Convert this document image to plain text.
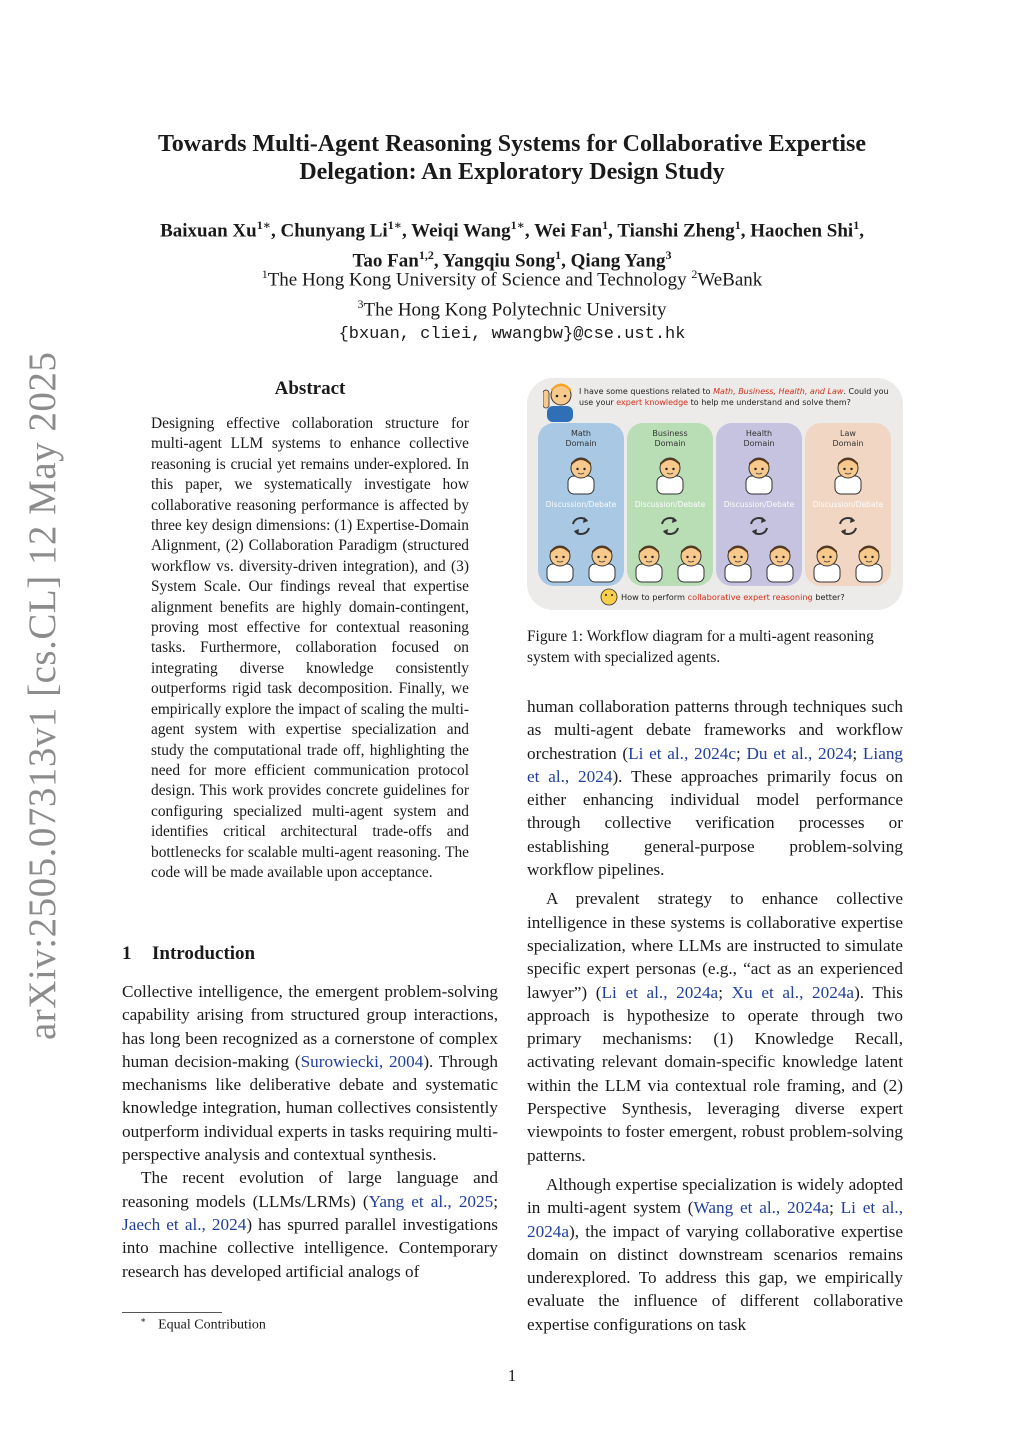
arXiv:2505.07313v1 [cs.CL] 12 May 2025
Towards Multi-Agent Reasoning Systems for Collaborative Expertise
Delegation: An Exploratory Design Study
Baixuan $Xu^{1∗}$, Chunyang $Li^{1∗}$, Weiqi Wang$^{1∗}$, Wei Fan$^1$, Tianshi Zheng$^1$, Haochen Shi$^1$,
Tao Fan$^{1,2}$, Yangqiu Song$^1$, Qiang Yang$^3$
$^1$The Hong Kong University of Science and Technology $^2$WeBank
$^3$The Hong Kong Polytechnic University
{bxuan, cliei, wwangbw}@cse.ust.hk
Abstract
Designing effective collaboration structure for multi-agent LLM systems to enhance collective reasoning is crucial yet remains under-explored. In this paper, we systematically investigate how collaborative reasoning performance is affected by three key design dimensions: (1) Expertise-Domain Alignment, (2) Collaboration Paradigm (structured workflow vs. diversity-driven integration), and (3) System Scale. Our findings reveal that expertise alignment benefits are highly domain-contingent, proving most effective for contextual reasoning tasks. Furthermore, collaboration focused on integrating diverse knowledge consistently outperforms rigid task decomposition. Finally, we empirically explore the impact of scaling the multi-agent system with expertise specialization and study the computational trade off, highlighting the need for more efficient communication protocol design. This work provides concrete guidelines for configuring specialized multi-agent system and identifies critical architectural trade-offs and bottlenecks for scalable multi-agent reasoning. The code will be made available upon acceptance.
1 Introduction

Collective intelligence, the emergent problem-solving capability arising from structured group interactions, has long been recognized as a cornerstone of complex human decision-making (Surowiecki, 2004). Through mechanisms like deliberative debate and systematic knowledge integration, human collectives consistently outperform individual experts in tasks requiring multi-perspective analysis and contextual synthesis.

The recent evolution of large language and reasoning models (LLMs/LRMs) (Yang et al., 2025; Jaech et al., 2024) has spurred parallel investigations into machine collective intelligence. Contemporary research has developed artificial analogs of

I have some questions related to Math, Business, Health, and Law. Could you use your expert knowledge to help me understand and solve them?
Math
Domain
Discussion/Debate
Business
Domain
Discussion/Debate
Health
Domain
Discussion/Debate
Law
Domain
Discussion/Debate
How to perform collaborative expert reasoning better?
Figure 1: Workflow diagram for a multi-agent reasoning system with specialized agents.

human collaboration patterns through techniques such as multi-agent debate frameworks and workflow orchestration (Li et al., 2024c; Du et al., 2024; Liang et al., 2024). These approaches primarily focus on either enhancing individual model performance through collective verification processes or establishing general-purpose problem-solving workflow pipelines.

A prevalent strategy to enhance collective intelligence in these systems is collaborative expertise specialization, where LLMs are instructed to simulate specific expert personas (e.g., “act as an experienced lawyer”) (Li et al., 2024a; Xu et al., 2024a). This approach is hypothesize to operate through two primary mechanisms: (1) Knowledge Recall, activating relevant domain-specific knowledge latent within the LLM via contextual role framing, and (2) Perspective Synthesis, leveraging diverse expert viewpoints to foster emergent, robust problem-solving patterns.

Although expertise specialization is widely adopted in multi-agent system (Wang et al., 2024a; Li et al., 2024a), the impact of varying collaborative expertise domain on distinct downstream scenarios remains underexplored. To address this gap, we empirically evaluate the influence of different collaborative expertise configurations on task

∗ Equal Contribution
1
